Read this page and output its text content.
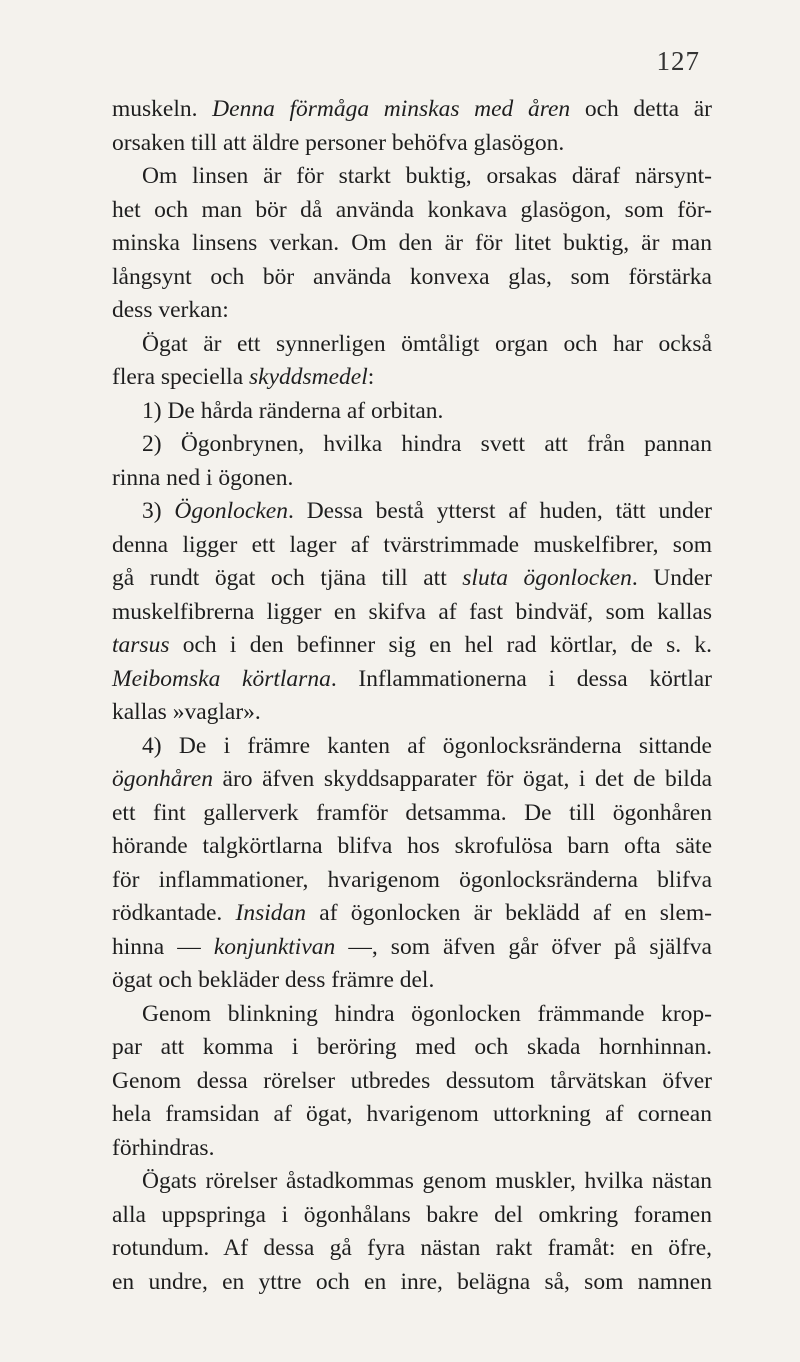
127
muskeln. Denna förmåga minskas med åren och detta är
orsaken till att äldre personer behöfva glasögon.
Om linsen är för starkt buktig, orsakas däraf närsynt-
het och man bör då använda konkava glasögon, som för-
minska linsens verkan. Om den är för litet buktig, är man
långsynt och bör använda konvexa glas, som förstärka
dess verkan:
Ögat är ett synnerligen ömtåligt organ och har också
flera speciella skyddsmedel:
1) De hårda ränderna af orbitan.
2) Ögonbrynen, hvilka hindra svett att från pannan
rinna ned i ögonen.
3) Ögonlocken. Dessa bestå ytterst af huden, tätt under
denna ligger ett lager af tvärstrimmade muskelfibrer, som
gå rundt ögat och tjäna till att sluta ögonlocken. Under
muskelfibrerna ligger en skifva af fast bindväf, som kallas
tarsus och i den befinner sig en hel rad körtlar, de s. k.
Meibomska körtlarna. Inflammationerna i dessa körtlar
kallas »vaglar».
4) De i främre kanten af ögonlocksränderna sittande
ögonhåren äro äfven skyddsapparater för ögat, i det de bilda
ett fint gallerverk framför detsamma. De till ögonhåren
hörande talgkörtlarna blifva hos skrofulösa barn ofta säte
för inflammationer, hvarigenom ögonlocksränderna blifva
rödkantade. Insidan af ögonlocken är beklädd af en slem-
hinna — konjunktivan —, som äfven går öfver på själfva
ögat och bekläder dess främre del.
Genom blinkning hindra ögonlocken främmande krop-
par att komma i beröring med och skada hornhinnan.
Genom dessa rörelser utbredes dessutom tårvätskan öfver
hela framsidan af ögat, hvarigenom uttorkning af cornean
förhindras.
Ögats rörelser åstadkommas genom muskler, hvilka nästan
alla uppspringa i ögonhålans bakre del omkring foramen
rotundum. Af dessa gå fyra nästan rakt framåt: en öfre,
en undre, en yttre och en inre, belägna så, som namnen
